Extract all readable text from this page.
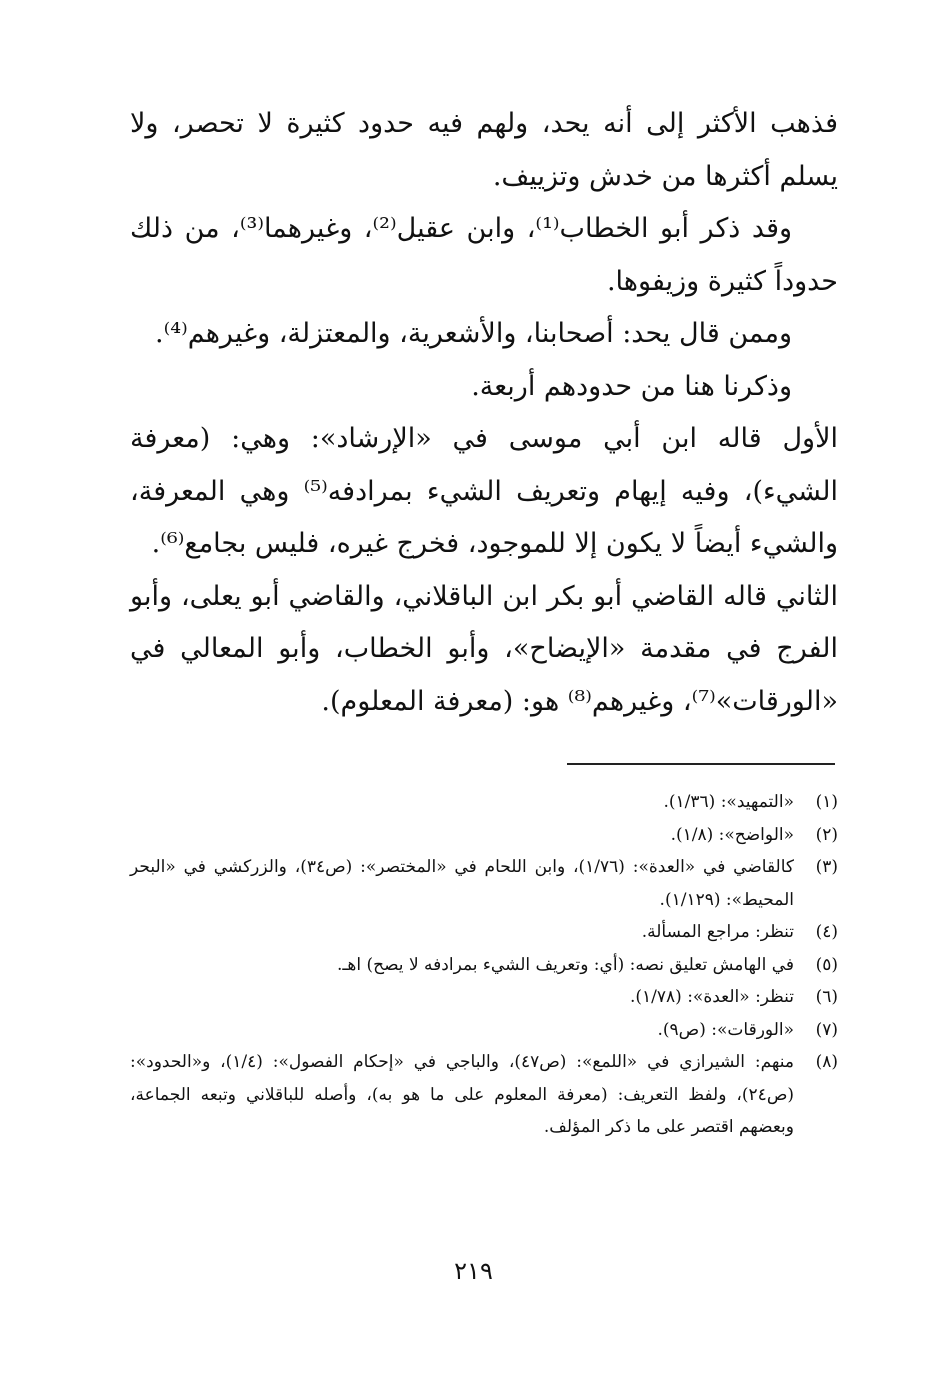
فذهب الأكثر إلى أنه يحد، ولهم فيه حدود كثيرة لا تحصر، ولا يسلم أكثرها من خدش وتزييف.

وقد ذكر أبو الخطاب⁽¹⁾، وابن عقيل⁽²⁾، وغيرهما⁽³⁾، من ذلك حدوداً كثيرة وزيفوها.

وممن قال يحد: أصحابنا، والأشعرية، والمعتزلة، وغيرهم⁽⁴⁾.

وذكرنا هنا من حدودهم أربعة.

الأول قاله ابن أبي موسى في «الإرشاد»: وهي: (معرفة الشيء)، وفيه إيهام وتعريف الشيء بمرادفه⁽⁵⁾ وهي المعرفة، والشيء أيضاً لا يكون إلا للموجود، فخرج غيره، فليس بجامع⁽⁶⁾.

الثاني قاله القاضي أبو بكر ابن الباقلاني، والقاضي أبو يعلى، وأبو الفرج في مقدمة «الإيضاح»، وأبو الخطاب، وأبو المعالي في «الورقات»⁽⁷⁾، وغيرهم⁽⁸⁾ هو: (معرفة المعلوم).

(١)
«التمهيد»: (١/٣٦).
(٢)
«الواضح»: (١/٨).
(٣)
كالقاضي في «العدة»: (١/٧٦)، وابن اللحام في «المختصر»: (ص٣٤)، والزركشي في «البحر المحيط»: (١/١٢٩).
(٤)
تنظر: مراجع المسألة.
(٥)
في الهامش تعليق نصه: (أي: وتعريف الشيء بمرادفه لا يصح) اهـ.
(٦)
تنظر: «العدة»: (١/٧٨).
(٧)
«الورقات»: (ص٩).
(٨)
منهم: الشيرازي في «اللمع»: (ص٤٧)، والباجي في «إحكام الفصول»: (١/٤)، و«الحدود»: (ص٢٤)، ولفظ التعريف: (معرفة المعلوم على ما هو به)، وأصله للباقلاني وتبعه الجماعة، وبعضهم اقتصر على ما ذكر المؤلف.
٢١٩
